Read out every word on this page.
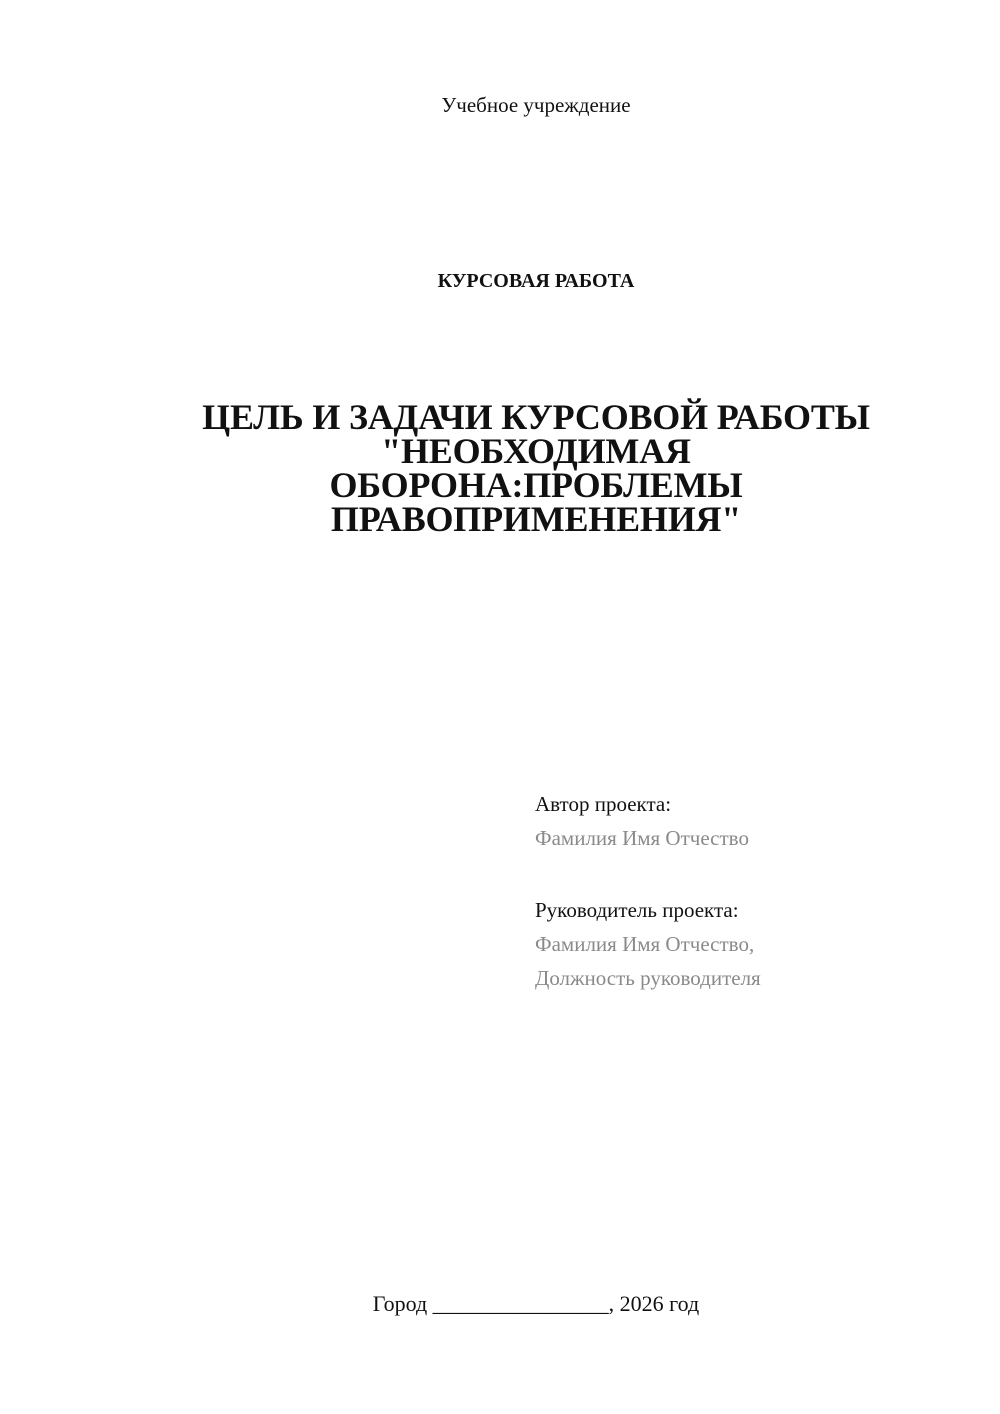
Учебное учреждение
КУРСОВАЯ РАБОТА
ЦЕЛЬ И ЗАДАЧИ КУРСОВОЙ РАБОТЫ
"НЕОБХОДИМАЯ
ОБОРОНА:ПРОБЛЕМЫ
ПРАВОПРИМЕНЕНИЯ"
Автор проекта:
Фамилия Имя Отчество
Руководитель проекта:
Фамилия Имя Отчество,
Должность руководителя
Город ________________, 2026 год
